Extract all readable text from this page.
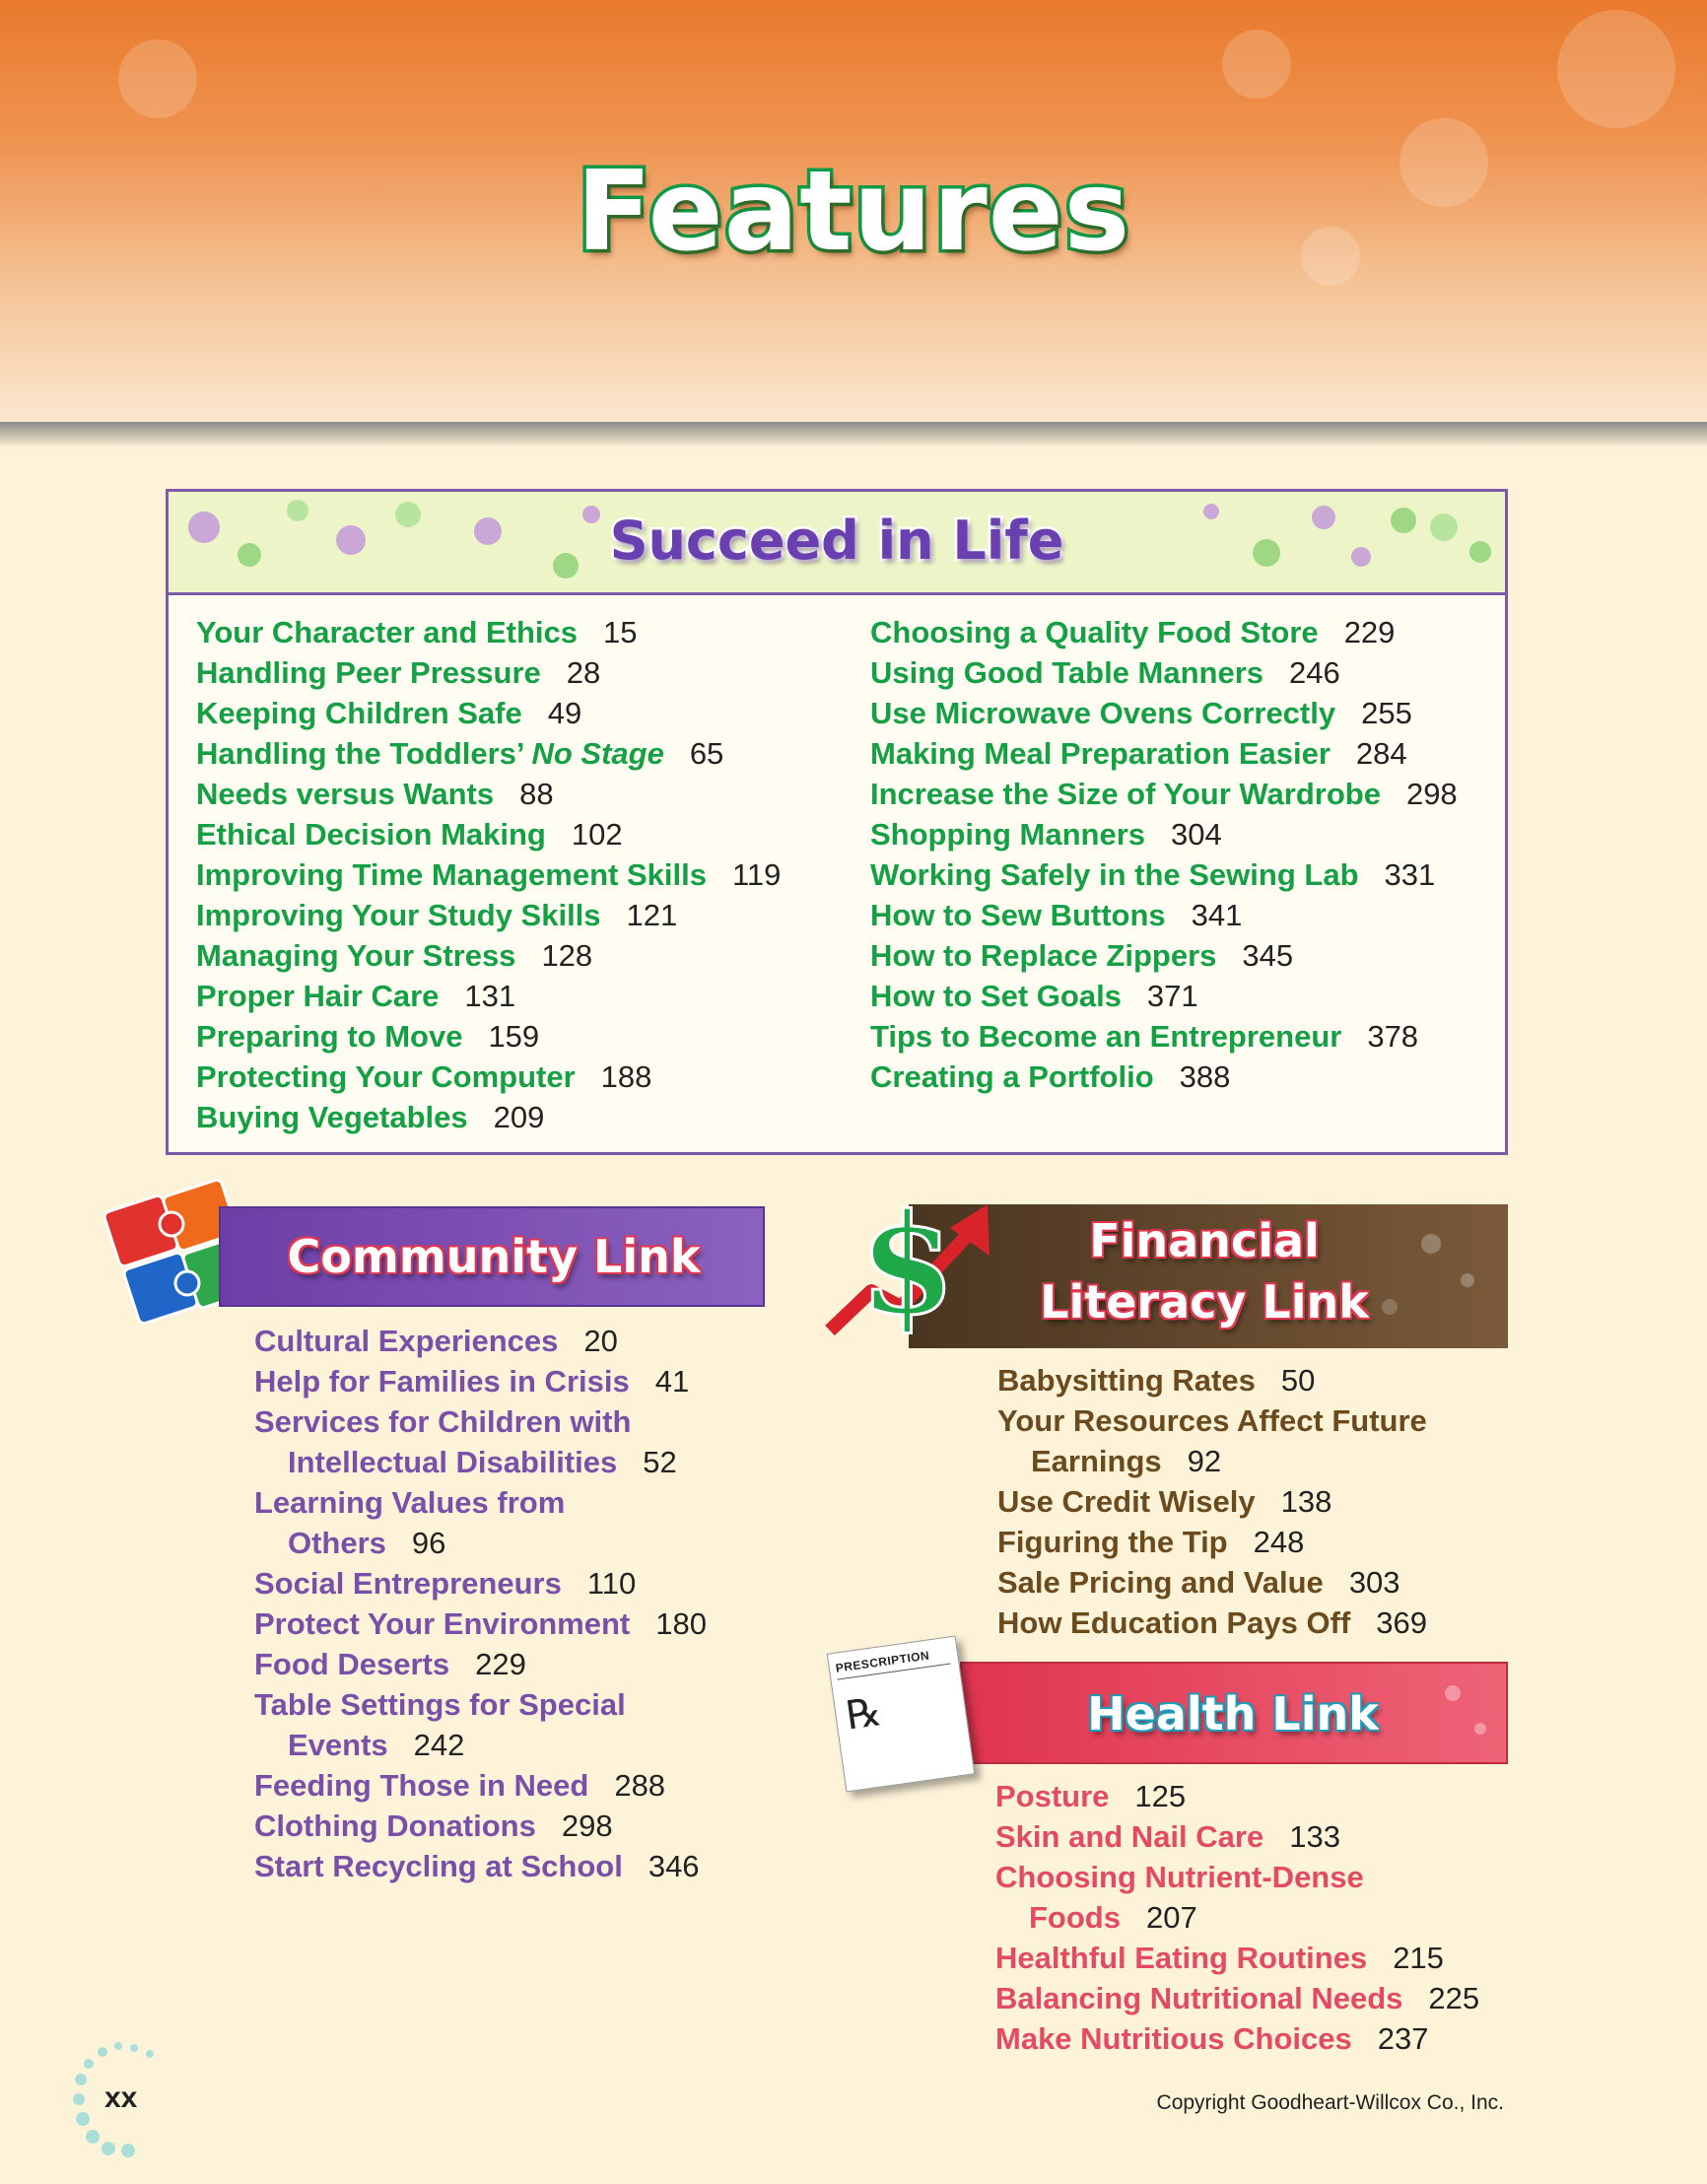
Features
Succeed in Life
Your Character and Ethics 15
Handling Peer Pressure 28
Keeping Children Safe 49
Handling the Toddlers’ No Stage 65
Needs versus Wants 88
Ethical Decision Making 102
Improving Time Management Skills 119
Improving Your Study Skills 121
Managing Your Stress 128
Proper Hair Care 131
Preparing to Move 159
Protecting Your Computer 188
Buying Vegetables 209
Choosing a Quality Food Store 229
Using Good Table Manners 246
Use Microwave Ovens Correctly 255
Making Meal Preparation Easier 284
Increase the Size of Your Wardrobe 298
Shopping Manners 304
Working Safely in the Sewing Lab 331
How to Sew Buttons 341
How to Replace Zippers 345
How to Set Goals 371
Tips to Become an Entrepreneur 378
Creating a Portfolio 388
Community Link
Cultural Experiences 20
Help for Families in Crisis 41
Services for Children with
Intellectual Disabilities 52
Learning Values from
Others 96
Social Entrepreneurs 110
Protect Your Environment 180
Food Deserts 229
Table Settings for Special
Events 242
Feeding Those in Need 288
Clothing Donations 298
Start Recycling at School 346
Financial
Literacy Link
$
Babysitting Rates 50
Your Resources Affect Future
Earnings 92
Use Credit Wisely 138
Figuring the Tip 248
Sale Pricing and Value 303
How Education Pays Off 369
Health Link
PRESCRIPTION
℞
Posture 125
Skin and Nail Care 133
Choosing Nutrient-Dense
Foods 207
Healthful Eating Routines 215
Balancing Nutritional Needs 225
Make Nutritious Choices 237
xx	Copyright Goodheart-Willcox Co., Inc.
